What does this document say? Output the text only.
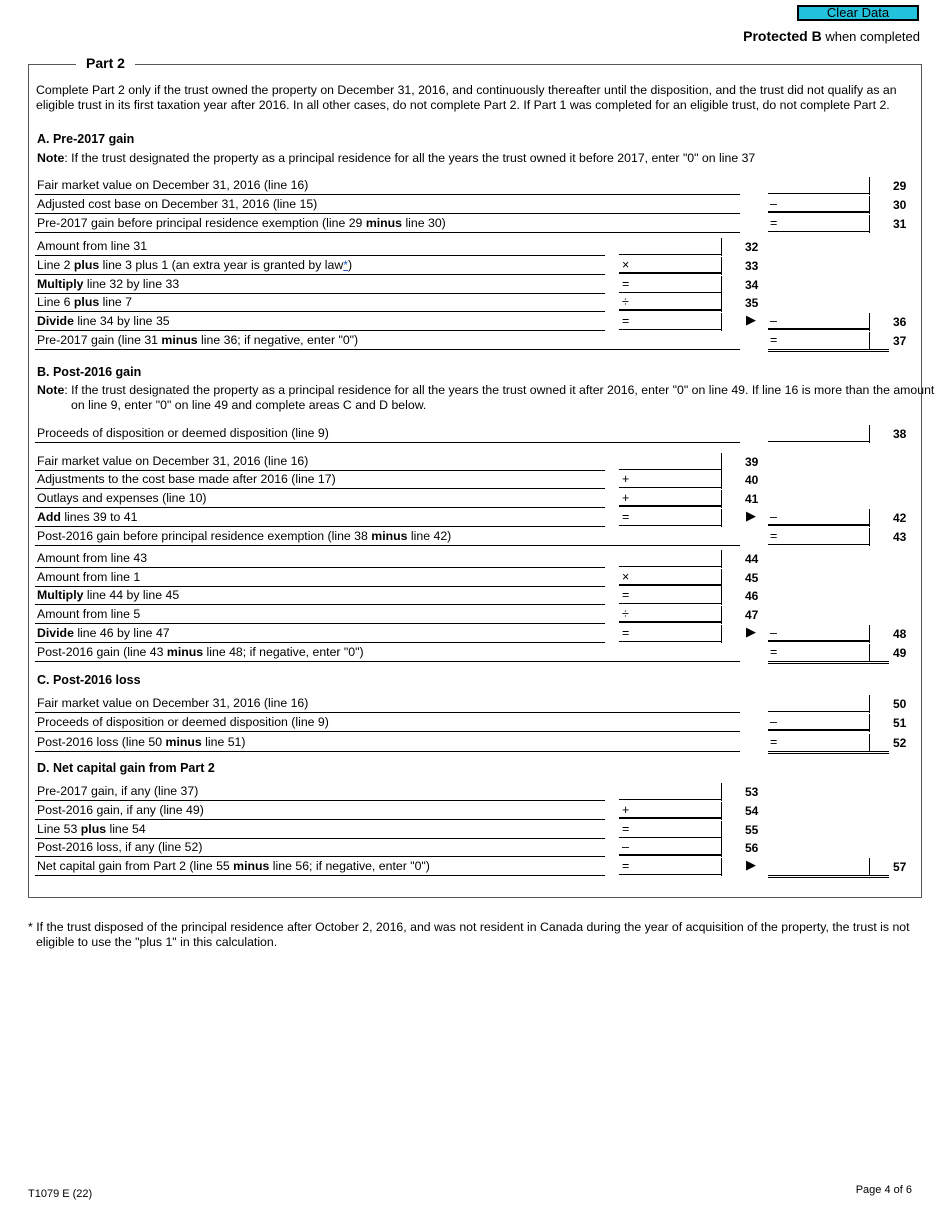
Clear Data
Protected B when completed
Part 2
Complete Part 2 only if the trust owned the property on December 31, 2016, and continuously thereafter until the disposition, and the trust did not qualify as an eligible trust in its first taxation year after 2016. In all other cases, do not complete Part 2. If Part 1 was completed for an eligible trust, do not complete Part 2.
A. Pre-2017 gain
Note: If the trust designated the property as a principal residence for all the years the trust owned it before 2017, enter "0" on line 37
Fair market value on December 31, 2016 (line 16)	29
Adjusted cost base on December 31, 2016 (line 15)	–	30
Pre-2017 gain before principal residence exemption (line 29 minus line 30)	=	31
Amount from line 31	32
Line 2 plus line 3 plus 1 (an extra year is granted by law*)	×	33
Multiply line 32 by line 33	=	34
Line 6 plus line 7	÷	35
Divide line 34 by line 35	=	▶ –	36
Pre-2017 gain (line 31 minus line 36; if negative, enter "0")	=	37
B. Post-2016 gain
Note: If the trust designated the property as a principal residence for all the years the trust owned it after 2016, enter "0" on line 49. If line 16 is more than the amount on line 9, enter "0" on line 49 and complete areas C and D below.
Proceeds of disposition or deemed disposition (line 9)	38
Fair market value on December 31, 2016 (line 16)	39
Adjustments to the cost base made after 2016 (line 17)	+	40
Outlays and expenses (line 10)	+	41
Add lines 39 to 41	=	▶ –	42
Post-2016 gain before principal residence exemption (line 38 minus line 42)	=	43
Amount from line 43	44
Amount from line 1	×	45
Multiply line 44 by line 45	=	46
Amount from line 5	÷	47
Divide line 46 by line 47	=	▶ –	48
Post-2016 gain (line 43 minus line 48; if negative, enter "0")	=	49
C. Post-2016 loss
Fair market value on December 31, 2016 (line 16)	50
Proceeds of disposition or deemed disposition (line 9)	–	51
Post-2016 loss (line 50 minus line 51)	=	52
D. Net capital gain from Part 2
Pre-2017 gain, if any (line 37)	53
Post-2016 gain, if any (line 49)	+	54
Line 53 plus line 54	=	55
Post-2016 loss, if any (line 52)	–	56
Net capital gain from Part 2 (line 55 minus line 56; if negative, enter "0")	=	▶	57
* If the trust disposed of the principal residence after October 2, 2016, and was not resident in Canada during the year of acquisition of the property, the trust is not eligible to use the "plus 1" in this calculation.
T1079 E (22)	Page 4 of 6
